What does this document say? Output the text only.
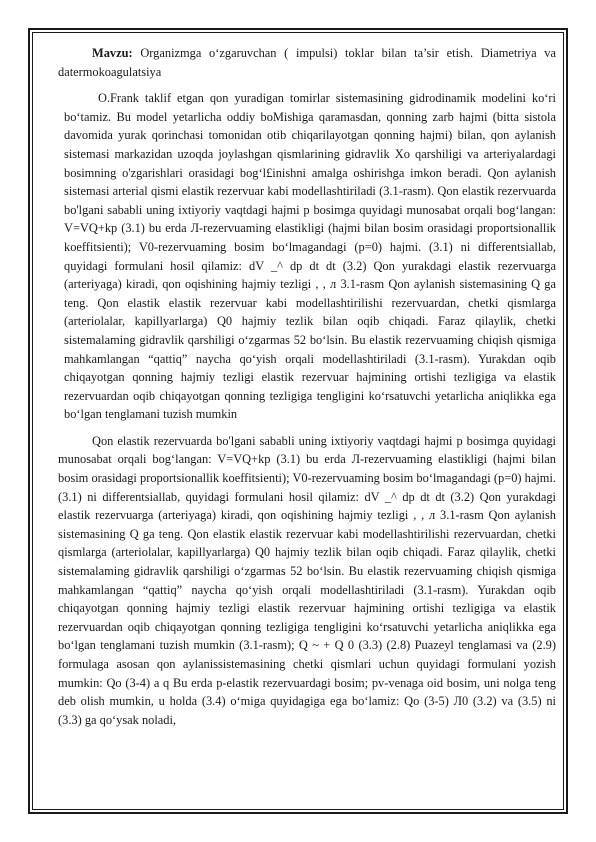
Mavzu: Organizmga o‘zgaruvchan ( impulsi) toklar bilan ta’sir etish. Diametriya va datermokoagulatsiya

O.Frank taklif etgan qon yuradigan tomirlar sistemasining gidrodinamik modelini ko‘ri bo‘tamiz. Bu model yetarlicha oddiy boMishiga qaramasdan, qonning zarb hajmi (bitta sistola davomida yurak qorinchasi tomonidan otib chiqarilayotgan qonning hajmi) bilan, qon aylanish sistemasi markazidan uzoqda joylashgan qismlarining gidravlik Xo qarshiligi va arteriyalardagi bosimning o'zgarishlari orasidagi bog‘l£inishni amalga oshirishga imkon beradi. Qon aylanish sistemasi arterial qismi elastik rezervuar kabi modellashtiriladi (3.1-rasm). Qon elastik rezervuarda bo'lgani sababli uning ixtiyoriy vaqtdagi hajmi p bosimga quyidagi munosabat orqali bog‘langan: V=VQ+kp (3.1) bu erda Л-rezervuaming elastikligi (hajmi bilan bosim orasidagi proportsionallik koeffitsienti); V0-rezervuaming bosim bo‘lmagandagi (p=0) hajmi. (3.1) ni differentsiallab, quyidagi formulani hosil qilamiz: dV _^ dp dt dt (3.2) Qon yurakdagi elastik rezervuarga (arteriyaga) kiradi, qon oqishining hajmiy tezligi , , л 3.1-rasm Qon aylanish sistemasining Q ga teng. Qon elastik elastik rezervuar kabi modellashtirilishi rezervuardan, chetki qismlarga (arteriolalar, kapillyarlarga) Q0 hajmiy tezlik bilan oqib chiqadi. Faraz qilaylik, chetki sistemalaming gidravlik qarshiligi o‘zgarmas 52 bo‘lsin. Bu elastik rezervuaming chiqish qismiga mahkamlangan “qattiq” naycha qo‘yish orqali modellashtiriladi (3.1-rasm). Yurakdan oqib chiqayotgan qonning hajmiy tezligi elastik rezervuar hajmining ortishi tezligiga va elastik rezervuardan oqib chiqayotgan qonning tezligiga tengligini ko‘rsatuvchi yetarlicha aniqlikka ega bo‘lgan tenglamani tuzish mumkin

Qon elastik rezervuarda bo'lgani sababli uning ixtiyoriy vaqtdagi hajmi p bosimga quyidagi munosabat orqali bog‘langan: V=VQ+kp (3.1) bu erda Л-rezervuaming elastikligi (hajmi bilan bosim orasidagi proportsionallik koeffitsienti); V0-rezervuaming bosim bo‘lmagandagi (p=0) hajmi. (3.1) ni differentsiallab, quyidagi formulani hosil qilamiz: dV _^ dp dt dt (3.2) Qon yurakdagi elastik rezervuarga (arteriyaga) kiradi, qon oqishining hajmiy tezligi , , л 3.1-rasm Qon aylanish sistemasining Q ga teng. Qon elastik elastik rezervuar kabi modellashtirilishi rezervuardan, chetki qismlarga (arteriolalar, kapillyarlarga) Q0 hajmiy tezlik bilan oqib chiqadi. Faraz qilaylik, chetki sistemalaming gidravlik qarshiligi o‘zgarmas 52 bo‘lsin. Bu elastik rezervuaming chiqish qismiga mahkamlangan “qattiq” naycha qo‘yish orqali modellashtiriladi (3.1-rasm). Yurakdan oqib chiqayotgan qonning hajmiy tezligi elastik rezervuar hajmining ortishi tezligiga va elastik rezervuardan oqib chiqayotgan qonning tezligiga tengligini ko‘rsatuvchi yetarlicha aniqlikka ega bo‘lgan tenglamani tuzish mumkin (3.1-rasm); Q ~ + Q 0 (3.3) (2.8) Puazeyl tenglamasi va (2.9) formulaga asosan qon aylanissistemasining chetki qismlari uchun quyidagi formulani yozish mumkin: Qo (3-4) a q Bu erda p-elastik rezervuardagi bosim; pv-venaga oid bosim, uni nolga teng deb olish mumkin, u holda (3.4) o‘miga quyidagiga ega bo‘lamiz: Qo (3-5) Л0 (3.2) va (3.5) ni (3.3) ga qo‘ysak noladi,
